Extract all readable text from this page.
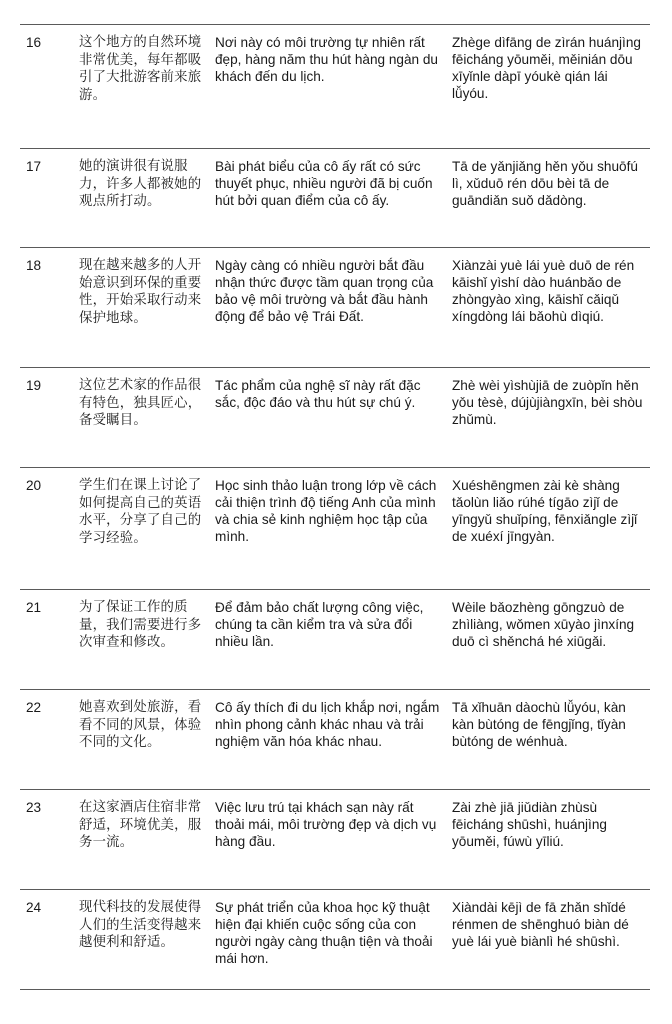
16	这个地方的自然环境非常优美，每年都吸引了大批游客前来旅游。
Nơi này có môi trường tự nhiên rất đẹp, hàng năm thu hút hàng ngàn du khách đến du lịch.
Zhège dìfāng de zìrán huánjìng fēicháng yōuměi, měinián dōu xīyǐnle dàpī yóukè qián lái lǚyóu.
17	她的演讲很有说服力，许多人都被她的观点所打动。
Bài phát biểu của cô ấy rất có sức thuyết phục, nhiều người đã bị cuốn hút bởi quan điểm của cô ấy.
Tā de yǎnjiǎng hěn yǒu shuōfú lì, xǔduō rén dōu bèi tā de guāndiǎn suǒ dǎdòng.
18	现在越来越多的人开始意识到环保的重要性，开始采取行动来保护地球。
Ngày càng có nhiều người bắt đầu nhận thức được tầm quan trọng của bảo vệ môi trường và bắt đầu hành động để bảo vệ Trái Đất.
Xiànzài yuè lái yuè duō de rén kāishǐ yìshí dào huánbǎo de zhòngyào xìng, kāishǐ cǎiqǔ xíngdòng lái bǎohù dìqiú.
19	这位艺术家的作品很有特色，独具匠心，备受瞩目。
Tác phẩm của nghệ sĩ này rất đặc sắc, độc đáo và thu hút sự chú ý.
Zhè wèi yìshùjiā de zuòpǐn hěn yǒu tèsè, dújùjiàngxīn, bèi shòu zhǔmù.
20	学生们在课上讨论了如何提高自己的英语水平，分享了自己的学习经验。
Học sinh thảo luận trong lớp về cách cải thiện trình độ tiếng Anh của mình và chia sẻ kinh nghiệm học tập của mình.
Xuéshēngmen zài kè shàng tǎolùn liǎo rúhé tígāo zìjǐ de yīngyǔ shuǐpíng, fēnxiǎngle zìjǐ de xuéxí jīngyàn.
21	为了保证工作的质量，我们需要进行多次审查和修改。
Để đảm bảo chất lượng công việc, chúng ta cần kiểm tra và sửa đổi nhiều lần.
Wèile bǎozhèng gōngzuò de zhìliàng, wǒmen xūyào jìnxíng duō cì shěnchá hé xiūgǎi.
22	她喜欢到处旅游，看看不同的风景，体验不同的文化。
Cô ấy thích đi du lịch khắp nơi, ngắm nhìn phong cảnh khác nhau và trải nghiệm văn hóa khác nhau.
Tā xǐhuān dàochù lǚyóu, kàn kàn bùtóng de fēngjǐng, tǐyàn bùtóng de wénhuà.
23	在这家酒店住宿非常舒适，环境优美，服务一流。
Việc lưu trú tại khách sạn này rất thoải mái, môi trường đẹp và dịch vụ hàng đầu.
Zài zhè jiā jiǔdiàn zhùsù fēicháng shūshì, huánjìng yōuměi, fúwù yīliú.
24	现代科技的发展使得人们的生活变得越来越便利和舒适。
Sự phát triển của khoa học kỹ thuật hiện đại khiến cuộc sống của con người ngày càng thuận tiện và thoải mái hơn.
Xiàndài kējì de fā zhǎn shǐdé rénmen de shēnghuó biàn dé yuè lái yuè biànlì hé shūshì.
